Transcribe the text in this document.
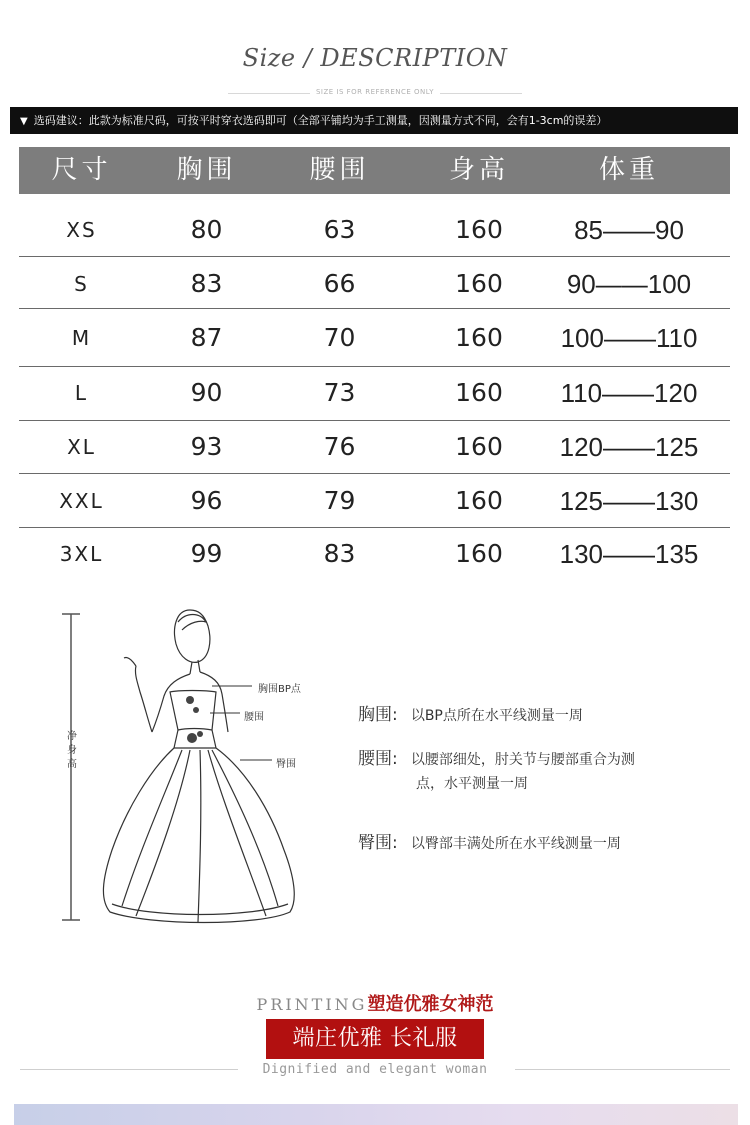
Size / DESCRIPTION
SIZE IS FOR REFERENCE ONLY
▼ 选码建议：此款为标准尺码，可按平时穿衣选码即可（全部平铺均为手工测量，因测量方式不同，会有1-3cm的误差）
尺寸	胸围	腰围	身高	体重
XS	80	63	160	85——90
S	83	66	160	90——100
M	87	70	160	100——110
L	90	73	160	110——120
XL	93	76	160	120——125
XXL	96	79	160	125——130
3XL	99	83	160	130——135
净身高
胸围BP点
腰围
臀围
胸围: 以BP点所在水平线测量一周
腰围: 以腰部细处，肘关节与腰部重合为测
点，水平测量一周
臀围: 以臀部丰满处所在水平线测量一周
PRINTING塑造优雅女神范
端庄优雅 长礼服
Dignified and elegant woman
